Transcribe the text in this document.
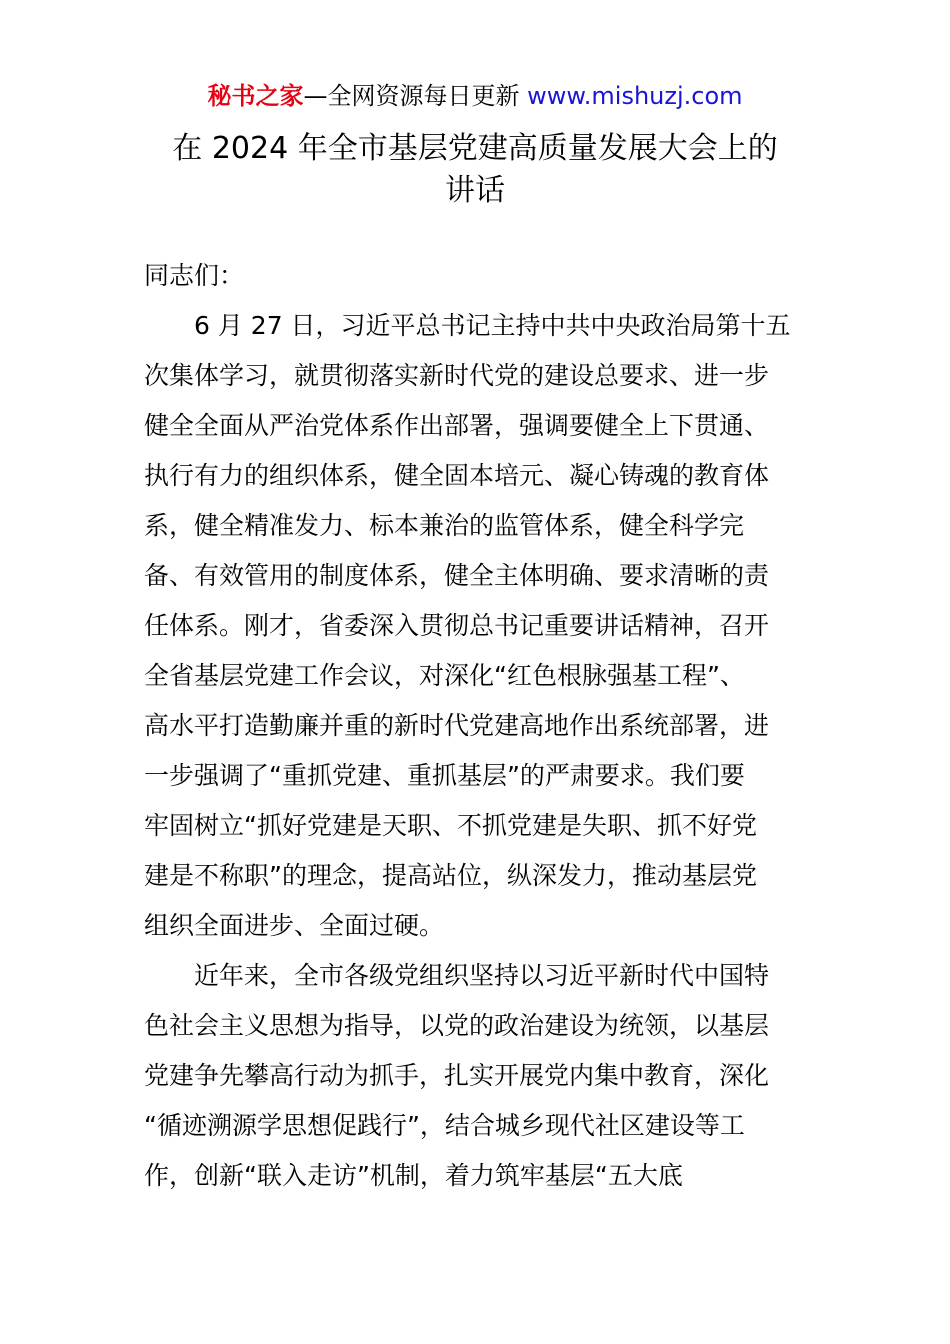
秘书之家—全网资源每日更新 www.mishuzj.com
在 2024 年全市基层党建高质量发展大会上的
讲话

同志们：

6 月 27 日，习近平总书记主持中共中央政治局第十五
次集体学习，就贯彻落实新时代党的建设总要求、进一步
健全全面从严治党体系作出部署，强调要健全上下贯通、
执行有力的组织体系，健全固本培元、凝心铸魂的教育体
系，健全精准发力、标本兼治的监管体系，健全科学完
备、有效管用的制度体系，健全主体明确、要求清晰的责
任体系。刚才，省委深入贯彻总书记重要讲话精神，召开
全省基层党建工作会议，对深化“红色根脉强基工程”、
高水平打造勤廉并重的新时代党建高地作出系统部署，进
一步强调了“重抓党建、重抓基层”的严肃要求。我们要
牢固树立“抓好党建是天职、不抓党建是失职、抓不好党
建是不称职”的理念，提高站位，纵深发力，推动基层党
组织全面进步、全面过硬。

近年来，全市各级党组织坚持以习近平新时代中国特
色社会主义思想为指导，以党的政治建设为统领，以基层
党建争先攀高行动为抓手，扎实开展党内集中教育，深化
“循迹溯源学思想促践行”，结合城乡现代社区建设等工
作，创新“联入走访”机制，着力筑牢基层“五大底
